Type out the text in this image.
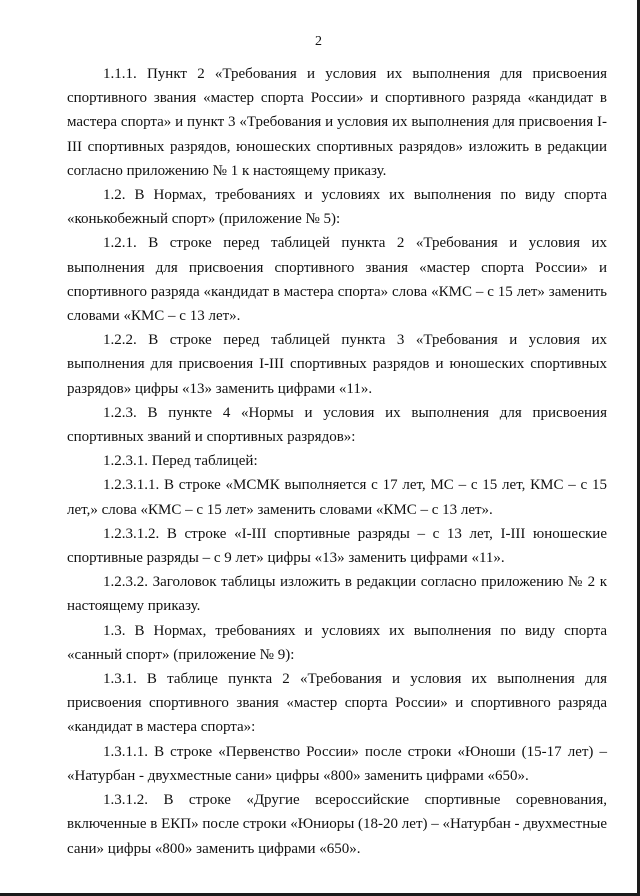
2

1.1.1. Пункт 2 «Требования и условия их выполнения для присвоения спортивного звания «мастер спорта России» и спортивного разряда «кандидат в мастера спорта» и пункт 3 «Требования и условия их выполнения для присвоения I-III спортивных разрядов, юношеских спортивных разрядов» изложить в редакции согласно приложению № 1 к настоящему приказу.

1.2. В Нормах, требованиях и условиях их выполнения по виду спорта «конькобежный спорт» (приложение № 5):

1.2.1. В строке перед таблицей пункта 2 «Требования и условия их выполнения для присвоения спортивного звания «мастер спорта России» и спортивного разряда «кандидат в мастера спорта» слова «КМС – с 15 лет» заменить словами «КМС – с 13 лет».

1.2.2. В строке перед таблицей пункта 3 «Требования и условия их выполнения для присвоения I-III спортивных разрядов и юношеских спортивных разрядов» цифры «13» заменить цифрами «11».

1.2.3. В пункте 4 «Нормы и условия их выполнения для присвоения спортивных званий и спортивных разрядов»:

1.2.3.1. Перед таблицей:

1.2.3.1.1. В строке «МСМК выполняется с 17 лет, МС – с 15 лет, КМС – с 15 лет,» слова «КМС – с 15 лет» заменить словами «КМС – с 13 лет».

1.2.3.1.2. В строке «I-III спортивные разряды – с 13 лет, I-III юношеские спортивные разряды – с 9 лет» цифры «13» заменить цифрами «11».

1.2.3.2. Заголовок таблицы изложить в редакции согласно приложению № 2 к настоящему приказу.

1.3. В Нормах, требованиях и условиях их выполнения по виду спорта «санный спорт» (приложение № 9):

1.3.1. В таблице пункта 2 «Требования и условия их выполнения для присвоения спортивного звания «мастер спорта России» и спортивного разряда «кандидат в мастера спорта»:

1.3.1.1. В строке «Первенство России» после строки «Юноши (15-17 лет) – «Натурбан - двухместные сани» цифры «800» заменить цифрами «650».

1.3.1.2. В строке «Другие всероссийские спортивные соревнования, включенные в ЕКП» после строки «Юниоры (18-20 лет) – «Натурбан - двухместные сани» цифры «800» заменить цифрами «650».
